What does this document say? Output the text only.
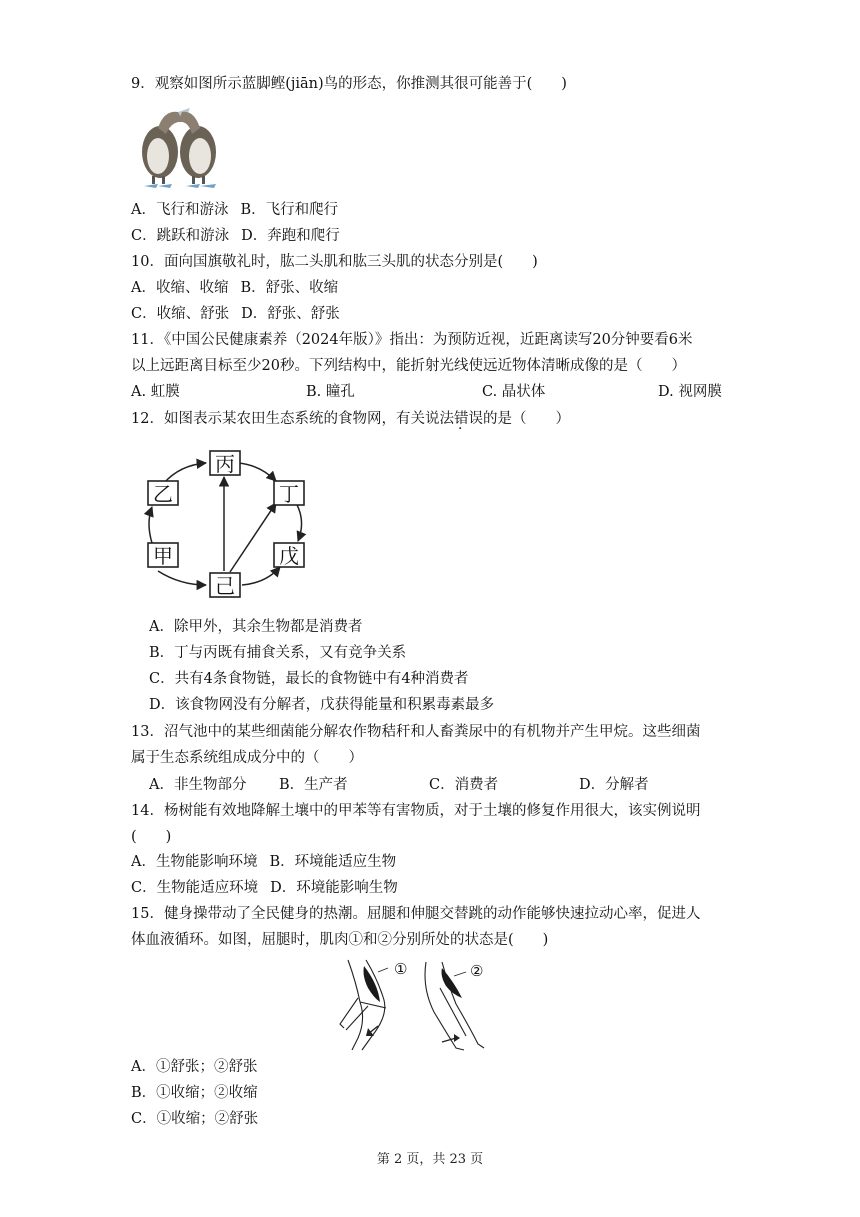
9．观察如图所示蓝脚鲣(jiān)鸟的形态，你推测其很可能善于(　　)
A．飞行和游泳 B．飞行和爬行
C．跳跃和游泳 D．奔跑和爬行
10．面向国旗敬礼时，肱二头肌和肱三头肌的状态分别是(　　)
A．收缩、收缩 B．舒张、收缩
C．收缩、舒张 D．舒张、舒张
11．《中国公民健康素养（2024年版）》指出：为预防近视，近距离读写20分钟要看6米
以上远距离目标至少20秒。下列结构中，能折射光线使远近物体清晰成像的是（　　）
A. 虹膜	B. 瞳孔	C. 晶状体	D. 视网膜
12．如图表示某农田生态系统的食物网，有关说法错误的是（　　）
丙
乙	丁
甲	戊
己
A．除甲外，其余生物都是消费者
B．丁与丙既有捕食关系，又有竞争关系
C．共有4条食物链，最长的食物链中有4种消费者
D．该食物网没有分解者，戊获得能量和积累毒素最多
13．沼气池中的某些细菌能分解农作物秸秆和人畜粪尿中的有机物并产生甲烷。这些细菌
属于生态系统组成成分中的（　　）
A．非生物部分 B．生产者	C．消费者	D．分解者
14．杨树能有效地降解土壤中的甲苯等有害物质，对于土壤的修复作用很大，该实例说明
(　　)
A．生物能影响环境 B．环境能适应生物
C．生物能适应环境 D．环境能影响生物
15．健身操带动了全民健身的热潮。屈腿和伸腿交替跳的动作能够快速拉动心率，促进人
体血液循环。如图，屈腿时，肌肉①和②分别所处的状态是(　　)
①	②
A．①舒张；②舒张
B．①收缩；②收缩
C．①收缩；②舒张
第 2 页，共 23 页
